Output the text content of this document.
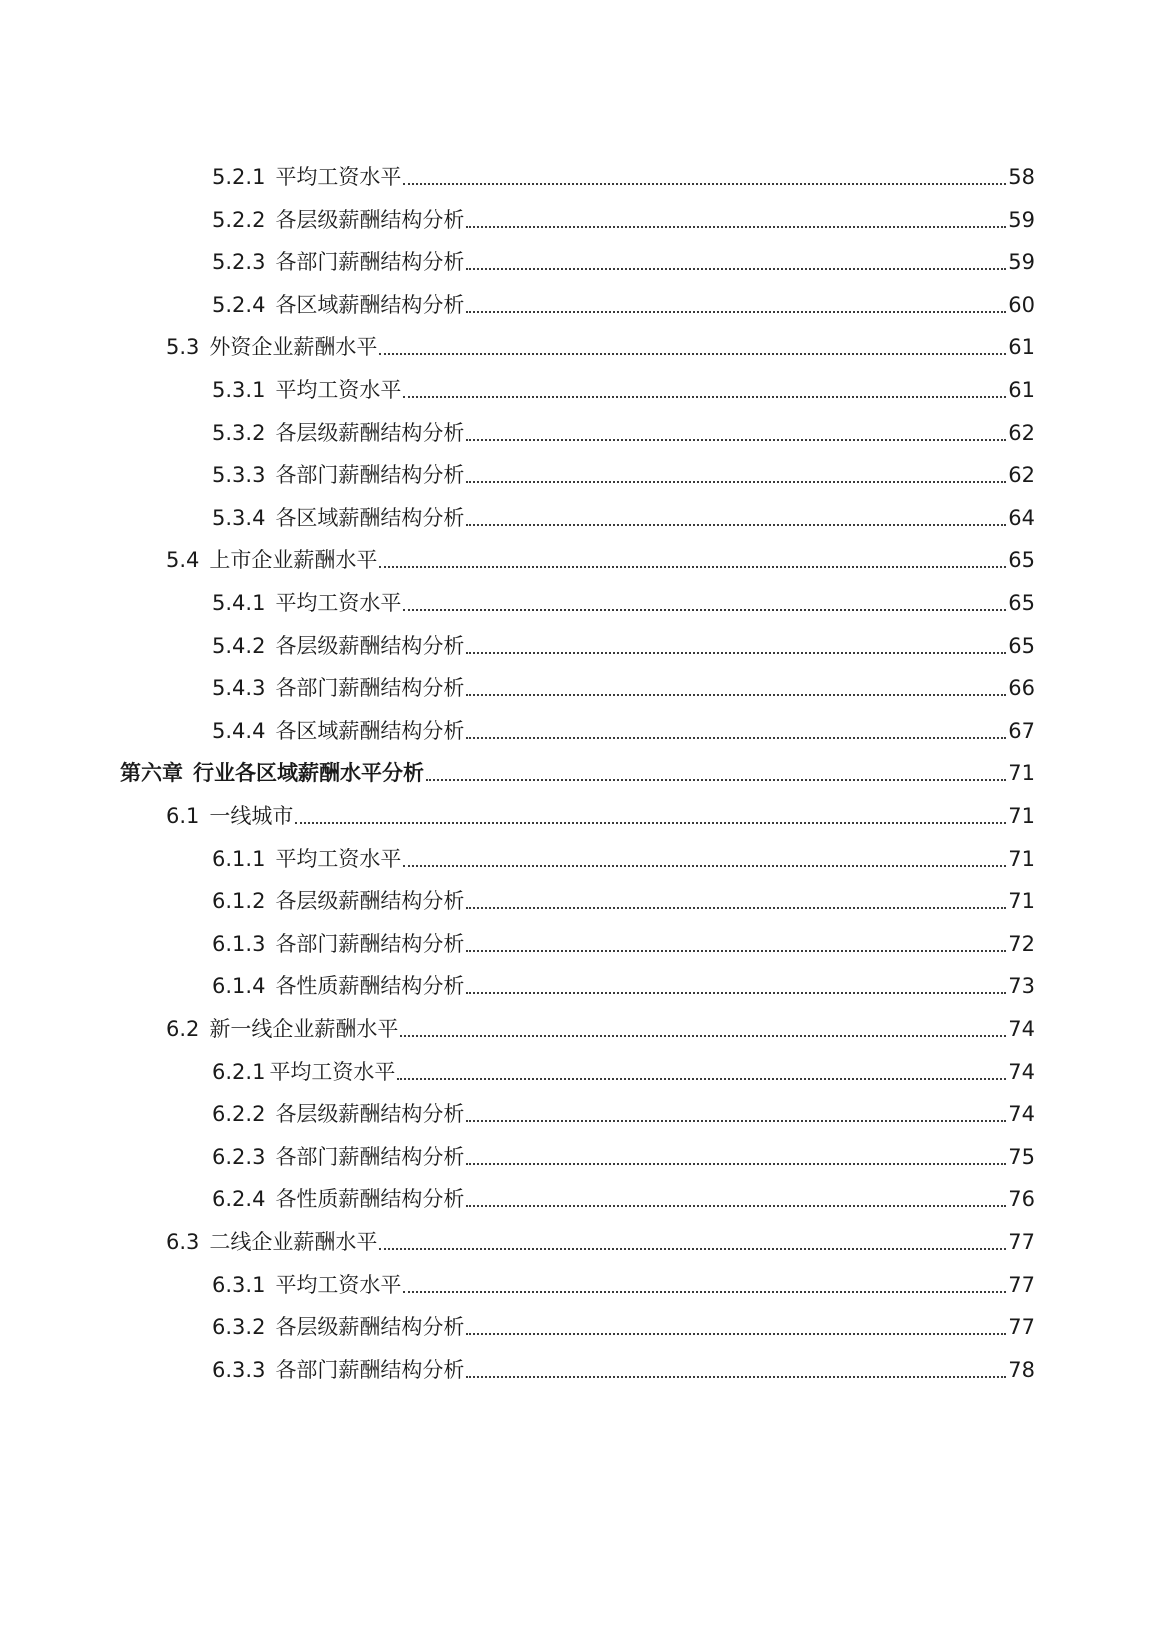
5.2.1 平均工资水平	58
5.2.2 各层级薪酬结构分析	59
5.2.3 各部门薪酬结构分析	59
5.2.4 各区域薪酬结构分析	60
5.3 外资企业薪酬水平	61
5.3.1 平均工资水平	61
5.3.2 各层级薪酬结构分析	62
5.3.3 各部门薪酬结构分析	62
5.3.4 各区域薪酬结构分析	64
5.4 上市企业薪酬水平	65
5.4.1 平均工资水平	65
5.4.2 各层级薪酬结构分析	65
5.4.3 各部门薪酬结构分析	66
5.4.4 各区域薪酬结构分析	67
第六章 行业各区域薪酬水平分析	71
6.1 一线城市	71
6.1.1 平均工资水平	71
6.1.2 各层级薪酬结构分析	71
6.1.3 各部门薪酬结构分析	72
6.1.4 各性质薪酬结构分析	73
6.2 新一线企业薪酬水平	74
6.2.1 平均工资水平	74
6.2.2 各层级薪酬结构分析	74
6.2.3 各部门薪酬结构分析	75
6.2.4 各性质薪酬结构分析	76
6.3 二线企业薪酬水平	77
6.3.1 平均工资水平	77
6.3.2 各层级薪酬结构分析	77
6.3.3 各部门薪酬结构分析	78
